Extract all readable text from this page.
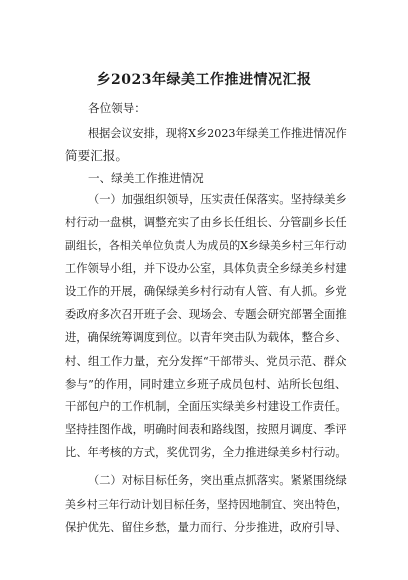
乡2023年绿美工作推进情况汇报
各位领导：
根据会议安排，现将X乡2023年绿美工作推进情况作
简要汇报。
一、绿美工作推进情况
（一）加强组织领导，压实责任保落实。坚持绿美乡
村行动一盘棋，调整充实了由乡长任组长、分管副乡长任
副组长，各相关单位负责人为成员的X乡绿美乡村三年行动
工作领导小组，并下设办公室，具体负责全乡绿美乡村建
设工作的开展，确保绿美乡村行动有人管、有人抓。乡党
委政府多次召开班子会、现场会、专题会研究部署全面推
进，确保统筹调度到位。以青年突击队为载体，整合乡、
村、组工作力量，充分发挥“干部带头、党员示范、群众
参与”的作用，同时建立乡班子成员包村、站所长包组、
干部包户的工作机制，全面压实绿美乡村建设工作责任。
坚持挂图作战，明确时间表和路线图，按照月调度、季评
比、年考核的方式，奖优罚劣，全力推进绿美乡村行动。
（二）对标目标任务，突出重点抓落实。紧紧围绕绿
美乡村三年行动计划目标任务，坚持因地制宜、突出特色，
保护优先、留住乡愁，量力而行、分步推进，政府引导、
